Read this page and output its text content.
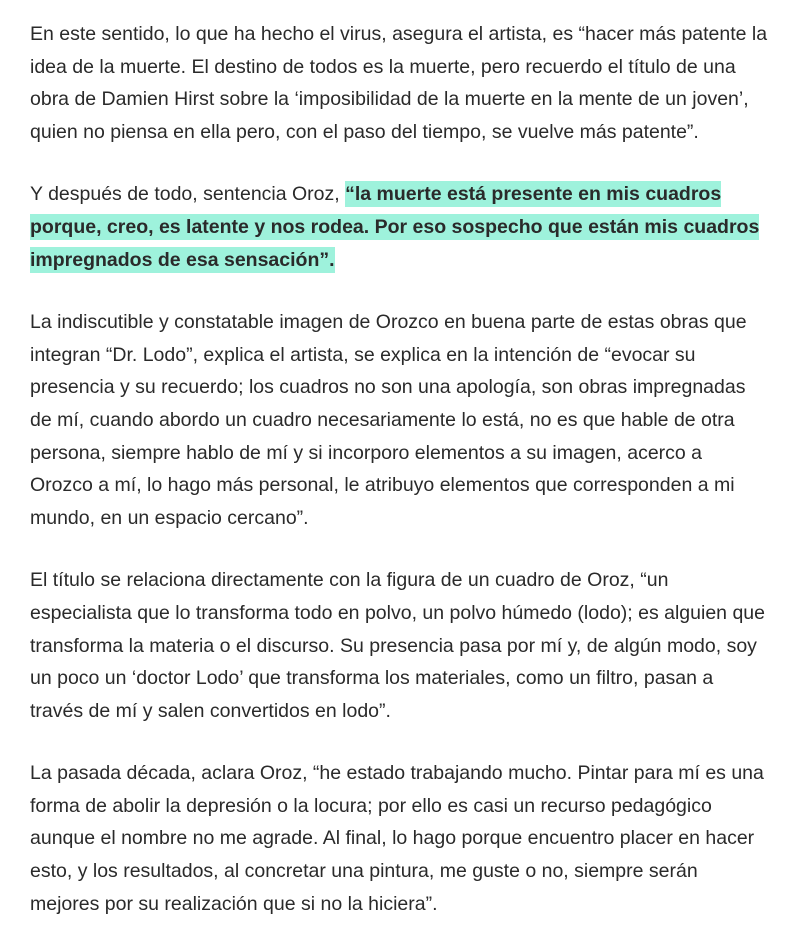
En este sentido, lo que ha hecho el virus, asegura el artista, es “hacer más patente la idea de la muerte. El destino de todos es la muerte, pero recuerdo el título de una obra de Damien Hirst sobre la ‘imposibilidad de la muerte en la mente de un joven’, quien no piensa en ella pero, con el paso del tiempo, se vuelve más patente”.

Y después de todo, sentencia Oroz, “la muerte está presente en mis cuadros porque, creo, es latente y nos rodea. Por eso sospecho que están mis cuadros impregnados de esa sensación”.

La indiscutible y constatable imagen de Orozco en buena parte de estas obras que integran “Dr. Lodo”, explica el artista, se explica en la intención de “evocar su presencia y su recuerdo; los cuadros no son una apología, son obras impregnadas de mí, cuando abordo un cuadro necesariamente lo está, no es que hable de otra persona, siempre hablo de mí y si incorporo elementos a su imagen, acerco a Orozco a mí, lo hago más personal, le atribuyo elementos que corresponden a mi mundo, en un espacio cercano”.

El título se relaciona directamente con la figura de un cuadro de Oroz, “un especialista que lo transforma todo en polvo, un polvo húmedo (lodo); es alguien que transforma la materia o el discurso. Su presencia pasa por mí y, de algún modo, soy un poco un ‘doctor Lodo’ que transforma los materiales, como un filtro, pasan a través de mí y salen convertidos en lodo”.

La pasada década, aclara Oroz, “he estado trabajando mucho. Pintar para mí es una forma de abolir la depresión o la locura; por ello es casi un recurso pedagógico aunque el nombre no me agrade. Al final, lo hago porque encuentro placer en hacer esto, y los resultados, al concretar una pintura, me guste o no, siempre serán mejores por su realización que si no la hiciera”.
